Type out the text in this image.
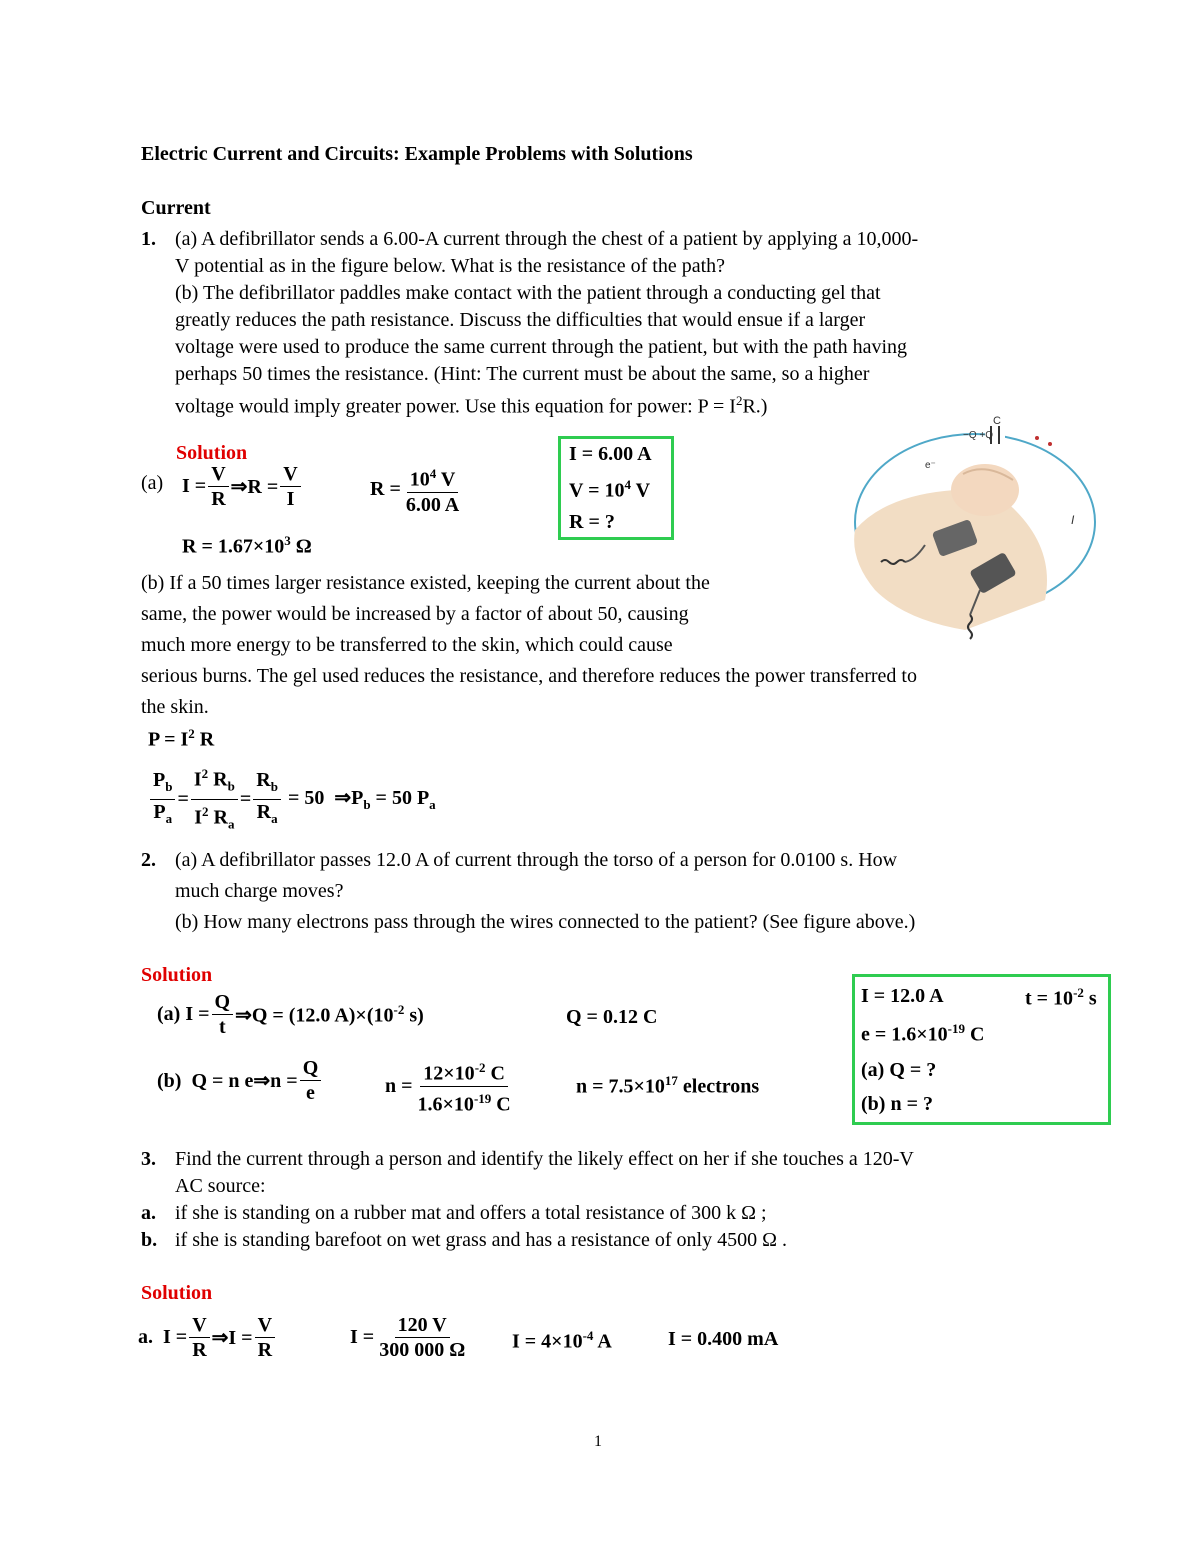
Electric Current and Circuits: Example Problems with Solutions
Current
1. (a) A defibrillator sends a 6.00-A current through the chest of a patient by applying a 10,000-
V potential as in the figure below. What is the resistance of the path?
(b) The defibrillator paddles make contact with the patient through a conducting gel that
greatly reduces the path resistance. Discuss the difficulties that would ensue if a larger
voltage were used to produce the same current through the patient, but with the path having
perhaps 50 times the resistance. (Hint: The current must be about the same, so a higher
voltage would imply greater power. Use this equation for power: $P = I^2R$.)
Solution
(a) $I = \frac{V}{R}$ ⇒R = $\frac{V}{I}$	$R = \frac{10^4 V}{6.00 A}$
$R = 1.67\times 10^3$ Ω
I = 6.00 A
$V = 10^4$ V
R = ?
C
−Q +Q
e⁻
I
(b) If a 50 times larger resistance existed, keeping the current about the
same, the power would be increased by a factor of about 50, causing
much more energy to be transferred to the skin, which could cause
serious burns. The gel used reduces the resistance, and therefore reduces the power transferred to
the skin.
$P = I^2$ R
$\frac{P_b}{P_a} = \frac{I^2 R_b}{I^2 R_a} = \frac{R_b}{R_a} = 50$  $\Rightarrow P_b = 50$ $P_a$
2. (a) A defibrillator passes 12.0 A of current through the torso of a person for 0.0100 s. How
much charge moves?
(b) How many electrons pass through the wires connected to the patient? (See figure above.)
Solution
(a) $I = \frac{Q}{t}$ ⇒Q = (12.0 $A)\times(10^{-2}$ s)	Q = 0.12 C
(b)  Q = n e⇒n = $\frac{Q}{e}$	$n = \frac{12\times 10^{-2} C}{1.6\times 10^{-19} C}$	$n = 7.5\times 10^{17}$ electrons
I = 12.0 A	$t = 10^{-2}$ s
$e = 1.6\times 10^{-19}$ C
(a) Q = ?
(b) n = ?
3. Find the current through a person and identify the likely effect on her if she touches a 120-V
AC source:
a. if she is standing on a rubber mat and offers a total resistance of 300 k Ω ;
b. if she is standing barefoot on wet grass and has a resistance of only 4500 Ω .
Solution
a.  $I = \frac{V}{R}$ ⇒I = $\frac{V}{R}$	$I = \frac{120 V}{300 000 \Omega}$ $I = 4\times 10^{-4}$ A	I = 0.400 mA
1
